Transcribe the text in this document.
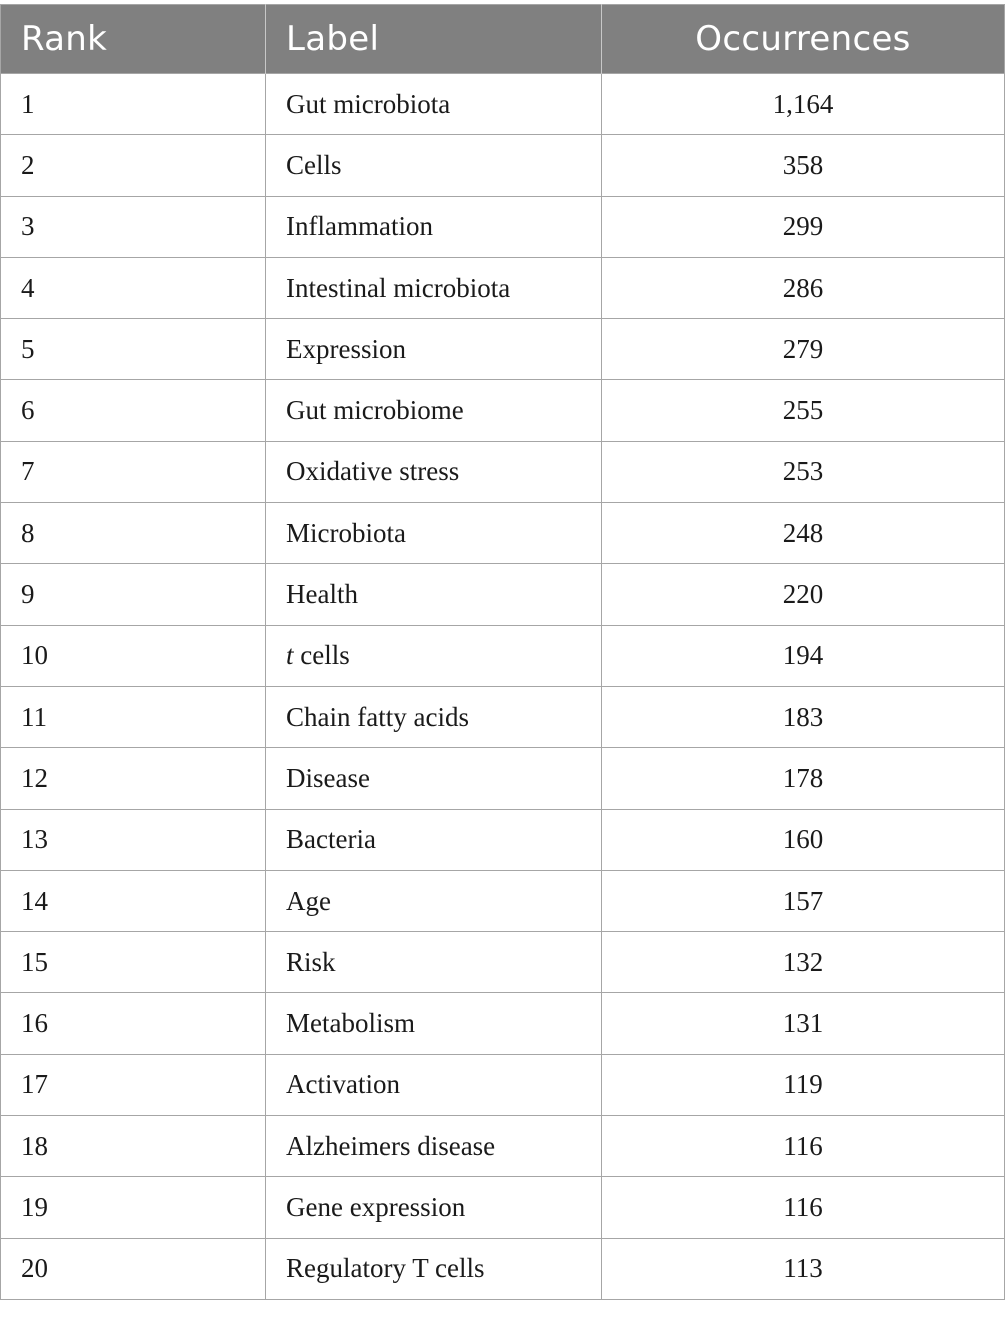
Rank	Label	Occurrences
1	Gut microbiota	1,164
2	Cells	358
3	Inflammation	299
4	Intestinal microbiota	286
5	Expression	279
6	Gut microbiome	255
7	Oxidative stress	253
8	Microbiota	248
9	Health	220
10	t cells	194
11	Chain fatty acids	183
12	Disease	178
13	Bacteria	160
14	Age	157
15	Risk	132
16	Metabolism	131
17	Activation	119
18	Alzheimers disease	116
19	Gene expression	116
20	Regulatory T cells	113
